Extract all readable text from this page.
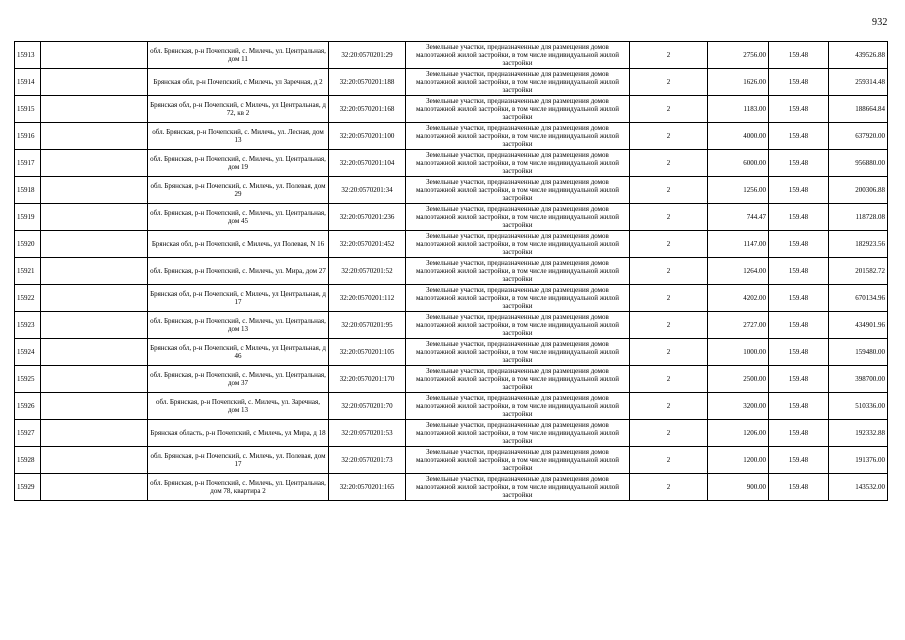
932
15913		обл. Брянская, р-н Почепский, с. Милечь, ул. Центральная, дом 11	32:20:0570201:29	Земельные участки, предназначенные для размещения домов малоэтажной жилой застройки, в том числе индивидуальной жилой застройки	2	2756.00	159.48	439526.88
15914		Брянская обл, р-н Почепский, с Милечь, ул Заречная, д 2	32:20:0570201:188	Земельные участки, предназначенные для размещения домов малоэтажной жилой застройки, в том числе индивидуальной жилой застройки	2	1626.00	159.48	259314.48
15915		Брянская обл, р-н Почепский, с Милечь, ул Центральная, д 72, кв 2	32:20:0570201:168	Земельные участки, предназначенные для размещения домов малоэтажной жилой застройки, в том числе индивидуальной жилой застройки	2	1183.00	159.48	188664.84
15916		обл. Брянская, р-н Почепский, с. Милечь, ул. Лесная, дом 13	32:20:0570201:100	Земельные участки, предназначенные для размещения домов малоэтажной жилой застройки, в том числе индивидуальной жилой застройки	2	4000.00	159.48	637920.00
15917		обл. Брянская, р-н Почепский, с. Милечь, ул. Центральная, дом 19	32:20:0570201:104	Земельные участки, предназначенные для размещения домов малоэтажной жилой застройки, в том числе индивидуальной жилой застройки	2	6000.00	159.48	956880.00
15918		обл. Брянская, р-н Почепский, с. Милечь, ул. Полевая, дом 29	32:20:0570201:34	Земельные участки, предназначенные для размещения домов малоэтажной жилой застройки, в том числе индивидуальной жилой застройки	2	1256.00	159.48	200306.88
15919		обл. Брянская, р-н Почепский, с. Милечь, ул. Центральная, дом 45	32:20:0570201:236	Земельные участки, предназначенные для размещения домов малоэтажной жилой застройки, в том числе индивидуальной жилой застройки	2	744.47	159.48	118728.08
15920		Брянская обл, р-н Почепский, с Милечь, ул Полевая, N 16	32:20:0570201:452	Земельные участки, предназначенные для размещения домов малоэтажной жилой застройки, в том числе индивидуальной жилой застройки	2	1147.00	159.48	182923.56
15921		обл. Брянская, р-н Почепский, с. Милечь, ул. Мира, дом 27	32:20:0570201:52	Земельные участки, предназначенные для размещения домов малоэтажной жилой застройки, в том числе индивидуальной жилой застройки	2	1264.00	159.48	201582.72
15922		Брянская обл, р-н Почепский, с Милечь, ул Центральная, д 17	32:20:0570201:112	Земельные участки, предназначенные для размещения домов малоэтажной жилой застройки, в том числе индивидуальной жилой застройки	2	4202.00	159.48	670134.96
15923		обл. Брянская, р-н Почепский, с. Милечь, ул. Центральная, дом 13	32:20:0570201:95	Земельные участки, предназначенные для размещения домов малоэтажной жилой застройки, в том числе индивидуальной жилой застройки	2	2727.00	159.48	434901.96
15924		Брянская обл, р-н Почепский, с Милечь, ул Центральная, д 46	32:20:0570201:105	Земельные участки, предназначенные для размещения домов малоэтажной жилой застройки, в том числе индивидуальной жилой застройки	2	1000.00	159.48	159480.00
15925		обл. Брянская, р-н Почепский, с. Милечь, ул. Центральная, дом 37	32:20:0570201:170	Земельные участки, предназначенные для размещения домов малоэтажной жилой застройки, в том числе индивидуальной жилой застройки	2	2500.00	159.48	398700.00
15926		обл. Брянская, р-н Почепский, с. Милечь, ул. Заречная, дом 13	32:20:0570201:70	Земельные участки, предназначенные для размещения домов малоэтажной жилой застройки, в том числе индивидуальной жилой застройки	2	3200.00	159.48	510336.00
15927		Брянская область, р-н Почепский, с Милечь, ул Мира, д 18	32:20:0570201:53	Земельные участки, предназначенные для размещения домов малоэтажной жилой застройки, в том числе индивидуальной жилой застройки	2	1206.00	159.48	192332.88
15928		обл. Брянская, р-н Почепский, с. Милечь, ул. Полевая, дом 17	32:20:0570201:73	Земельные участки, предназначенные для размещения домов малоэтажной жилой застройки, в том числе индивидуальной жилой застройки	2	1200.00	159.48	191376.00
15929		обл. Брянская, р-н Почепский, с. Милечь, ул. Центральная, дом 78, квартира 2	32:20:0570201:165	Земельные участки, предназначенные для размещения домов малоэтажной жилой застройки, в том числе индивидуальной жилой застройки	2	900.00	159.48	143532.00
